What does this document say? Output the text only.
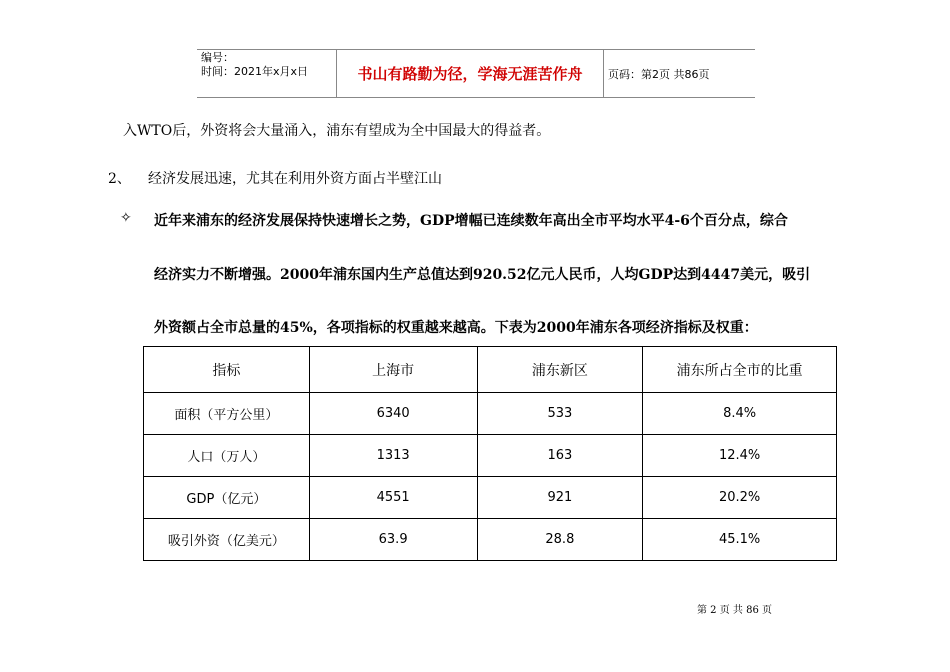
编号：
时间：2021年x月x日	书山有路勤为径，学海无涯苦作舟	页码：第2页 共86页
入WTO后，外资将会大量涌入，浦东有望成为全中国最大的得益者。
2、 经济发展迅速，尤其在利用外资方面占半壁江山
✧ 近年来浦东的经济发展保持快速增长之势，GDP增幅已连续数年高出全市平均水平4-6个百分点，综合
经济实力不断增强。2000年浦东国内生产总值达到920.52亿元人民币，人均GDP达到4447美元，吸引
外资额占全市总量的45%，各项指标的权重越来越高。下表为2000年浦东各项经济指标及权重：
指标	上海市	浦东新区	浦东所占全市的比重
面积（平方公里）	6340	533	8.4%
人口（万人）	1313	163	12.4%
GDP（亿元）	4551	921	20.2%
吸引外资（亿美元）	63.9	28.8	45.1%
第 2 页 共 86 页
